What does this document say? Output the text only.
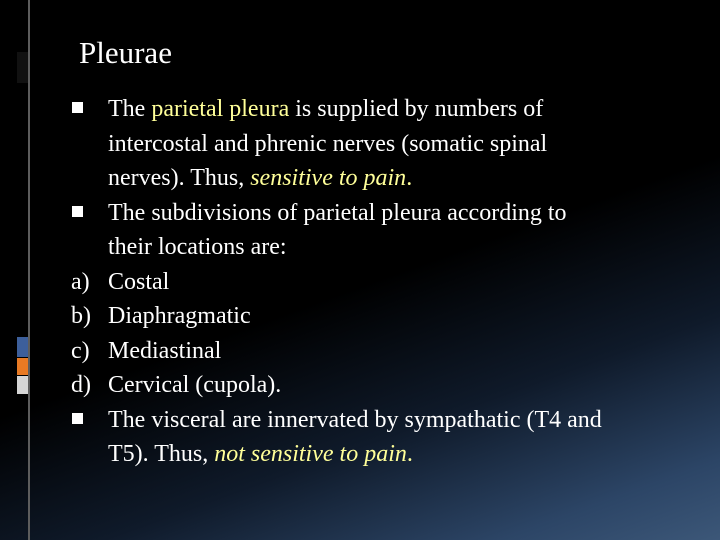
Pleurae
The parietal pleura is supplied by numbers of
intercostal and phrenic nerves (somatic spinal
nerves). Thus, sensitive to pain.
The subdivisions of parietal pleura according to
their locations are:
a) Costal
b) Diaphragmatic
c) Mediastinal
d) Cervical (cupola).
The visceral are innervated by sympathatic (T4 and
T5). Thus, not sensitive to pain.
